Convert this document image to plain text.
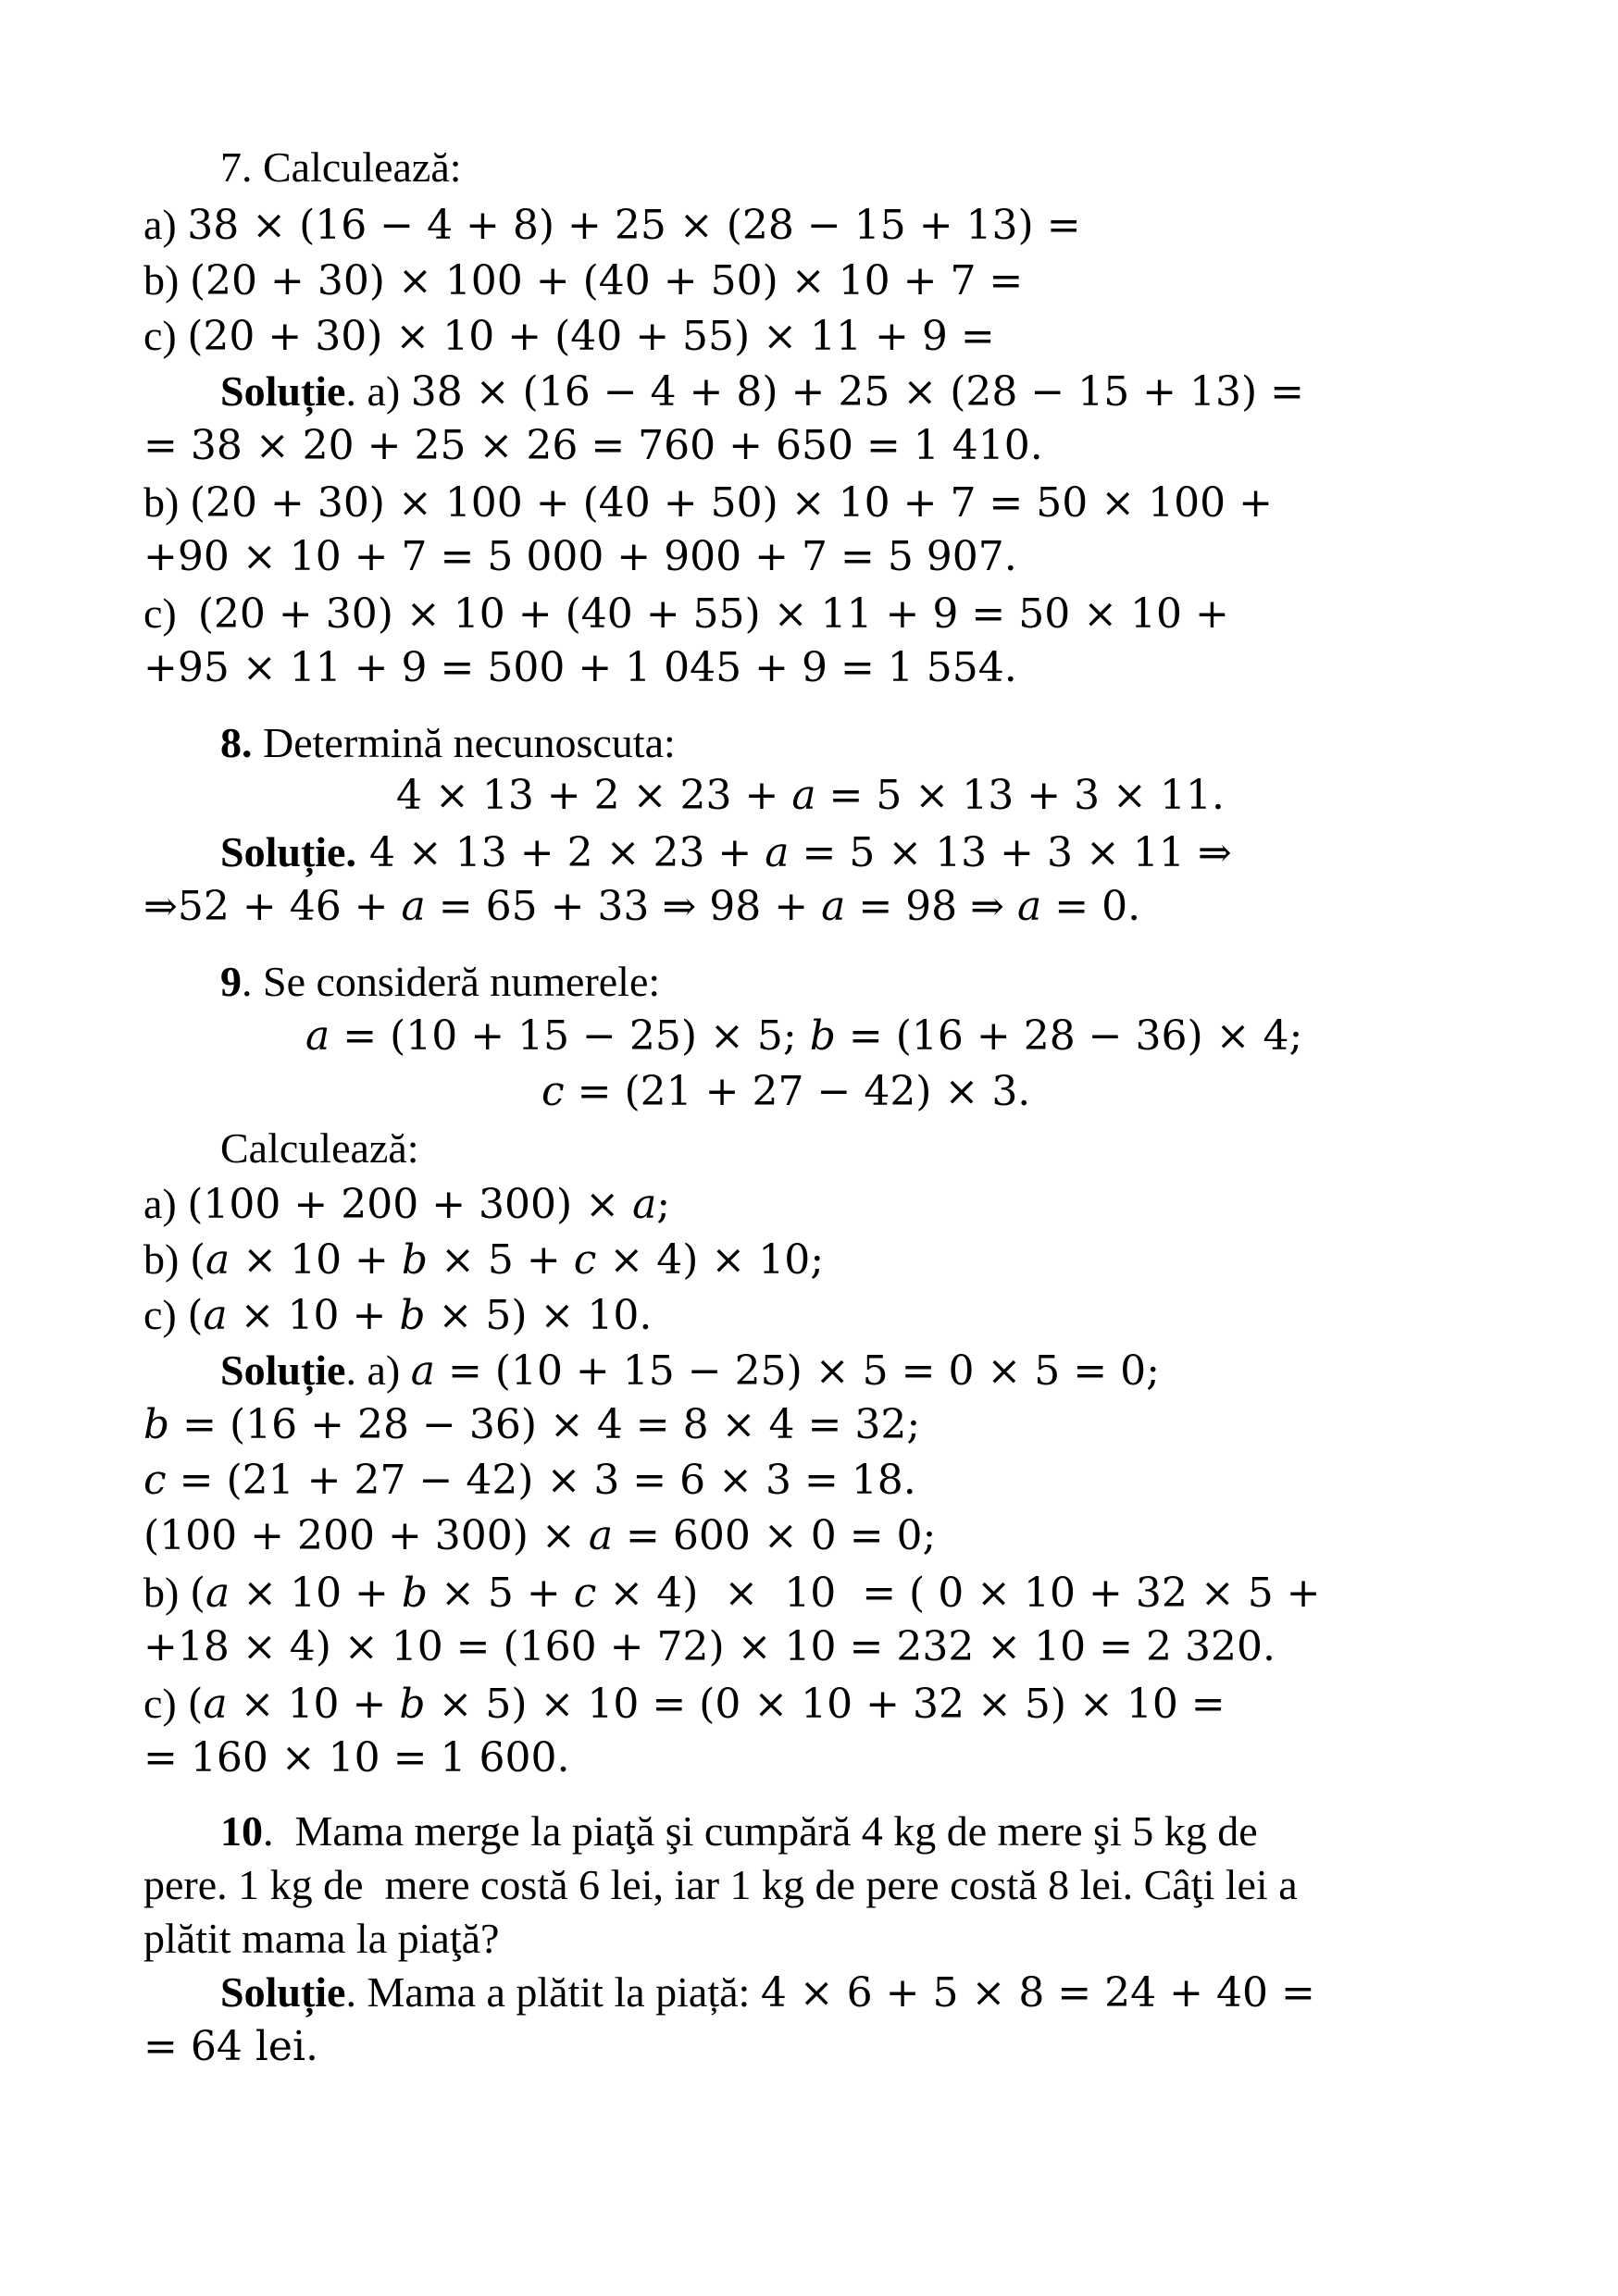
7. Calculează:
a) 38 × (16 − 4 + 8) + 25 × (28 − 15 + 13) =
b) (20 + 30) × 100 + (40 + 50) × 10 + 7 =
c) (20 + 30) × 10 + (40 + 55) × 11 + 9 =
Soluție. a) 38 × (16 − 4 + 8) + 25 × (28 − 15 + 13) =
= 38 × 20 + 25 × 26 = 760 + 650 = 1 410.
b) (20 + 30) × 100 + (40 + 50) × 10 + 7 = 50 × 100 +
+90 × 10 + 7 = 5 000 + 900 + 7 = 5 907.
c) (20 + 30) × 10 + (40 + 55) × 11 + 9 = 50 × 10 +
+95 × 11 + 9 = 500 + 1 045 + 9 = 1 554.
8. Determină necunoscuta:
4 × 13 + 2 × 23 + a = 5 × 13 + 3 × 11.
Soluție. 4 × 13 + 2 × 23 + a = 5 × 13 + 3 × 11 ⇒
⇒52 + 46 + a = 65 + 33 ⇒ 98 + a = 98 ⇒ a = 0.
9. Se consideră numerele:
a = (10 + 15 − 25) × 5; b = (16 + 28 − 36) × 4;
c = (21 + 27 − 42) × 3.
Calculează:
a) (100 + 200 + 300) × a;
b) (a × 10 + b × 5 + c × 4) × 10;
c) (a × 10 + b × 5) × 10.
Soluție. a) a = (10 + 15 − 25) × 5 = 0 × 5 = 0;
b = (16 + 28 − 36) × 4 = 8 × 4 = 32;
c = (21 + 27 − 42) × 3 = 6 × 3 = 18.
(100 + 200 + 300) × a = 600 × 0 = 0;
b) (a × 10 + b × 5 + c × 4)  ×  10  = ( 0 × 10 + 32 × 5 +
+18 × 4) × 10 = (160 + 72) × 10 = 232 × 10 = 2 320.
c) (a × 10 + b × 5) × 10 = (0 × 10 + 32 × 5) × 10 =
= 160 × 10 = 1 600.
10.  Mama merge la piaţă şi cumpără 4 kg de mere şi 5 kg de
pere. 1 kg de  mere costă 6 lei, iar 1 kg de pere costă 8 lei. Câţi lei a
plătit mama la piaţă?
Soluție. Mama a plătit la piață: 4 × 6 + 5 × 8 = 24 + 40 =
= 64 lei.
